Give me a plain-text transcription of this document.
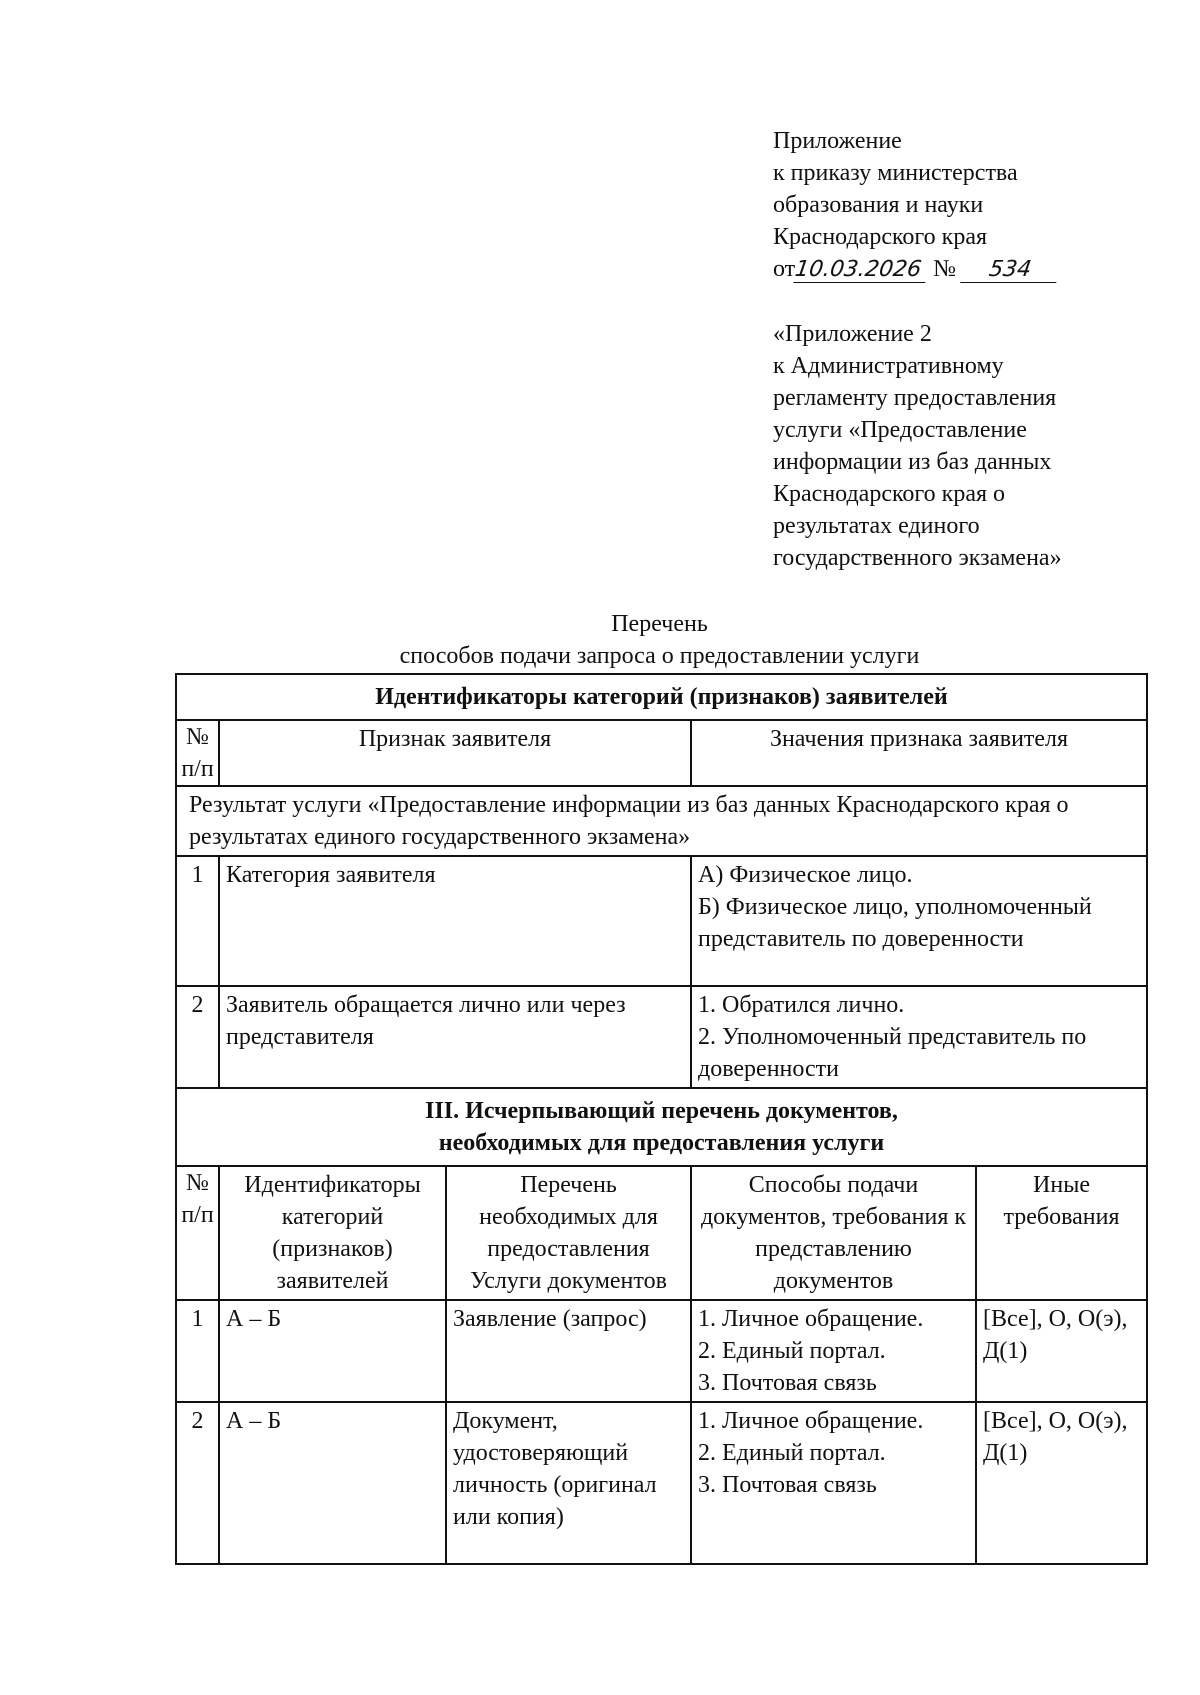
Приложение
к приказу министерства
образования и науки
Краснодарского края
от10.03.2026 № 534
«Приложение 2
к Административному
регламенту предоставления
услуги «Предоставление
информации из баз данных
Краснодарского края о
результатах единого
государственного экзамена»
Перечень
способов подачи запроса о предоставлении услуги
Идентификаторы категорий (признаков) заявителей				
№ п/п	Признак заявителя		Значения признака заявителя	
Результат услуги «Предоставление информации из баз данных Краснодарского края о результатах единого государственного экзамена»				
1	Категория заявителя		А) Физическое лицо.
Б) Физическое лицо, уполномоченный представитель по доверенности	

2	Заявитель обращается лично или через представителя		1. Обратился лично.
2. Уполномоченный представитель по доверенности	

III. Исчерпывающий перечень документов,
необходимых для предоставления услуги				

№ п/п	Идентификаторы категорий (признаков) заявителей	Перечень необходимых для предоставления Услуги документов	Способы подачи документов, требования к представлению документов	Иные требования
1	А – Б	Заявление (запрос)	1. Личное обращение.
2. Единый портал.
3. Почтовая связь	[Все], О, О(э), Д(1)
2	А – Б	Документ, удостоверяющий личность (оригинал или копия)	1. Личное обращение.
2. Единый портал.
3. Почтовая связь	[Все], О, О(э), Д(1)
